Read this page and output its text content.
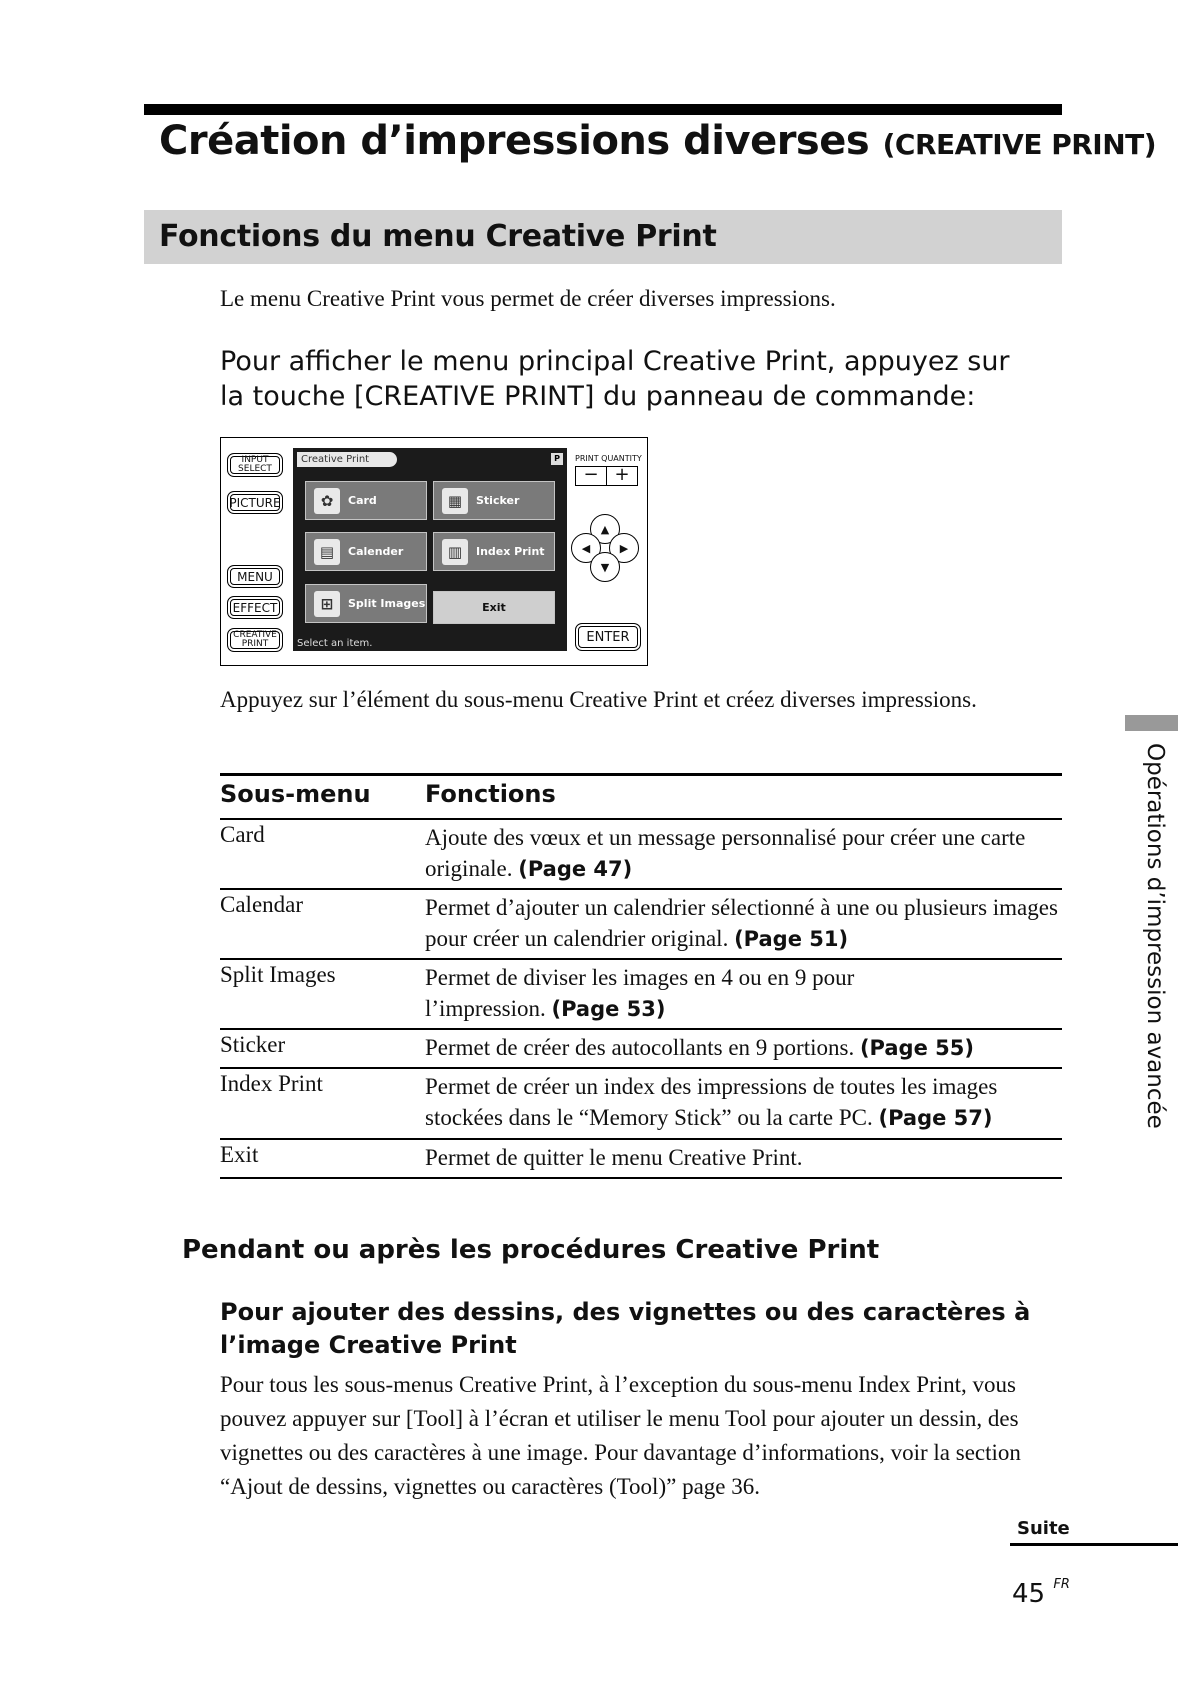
Création d’impressions diverses (CREATIVE PRINT)
Fonctions du menu Creative Print
Le menu Creative Print vous permet de créer diverses impressions.
Pour afficher le menu principal Creative Print, appuyez sur la touche [CREATIVE PRINT] du panneau de commande:
INPUT SELECT
PICTURE
MENU
EFFECT
CREATIVE PRINT
Creative Print	P
✿	Card	▦	Sticker
▤	Calender	▥	Index Print
⊞	Split Images	Exit
Select an item.
PRINT QUANTITY
− +
▲
◀	▶
▼
ENTER
Appuyez sur l’élément du sous-menu Creative Print et créez diverses impressions.
Sous-menu Fonctions
Card	Ajoute des vœux et un message personnalisé pour créer une carte originale. (Page 47)
Calendar	Permet d’ajouter un calendrier sélectionné à une ou plusieurs images pour créer un calendrier original. (Page 51)
Split Images	Permet de diviser les images en 4 ou en 9 pour l’impression. (Page 53)
Sticker	Permet de créer des autocollants en 9 portions. (Page 55)
Index Print	Permet de créer un index des impressions de toutes les images stockées dans le “Memory Stick” ou la carte PC. (Page 57)
Exit	Permet de quitter le menu Creative Print.
Pendant ou après les procédures Creative Print
Pour ajouter des dessins, des vignettes ou des caractères à l’image Creative Print
Pour tous les sous-menus Creative Print, à l’exception du sous-menu Index Print, vous pouvez appuyer sur [Tool] à l’écran et utiliser le menu Tool pour ajouter un dessin, des vignettes ou des caractères à une image. Pour davantage d’informations, voir la section “Ajout de dessins, vignettes ou caractères (Tool)” page 36.
Suite
45 $^{FR}$
Opérations d’impression avancée
